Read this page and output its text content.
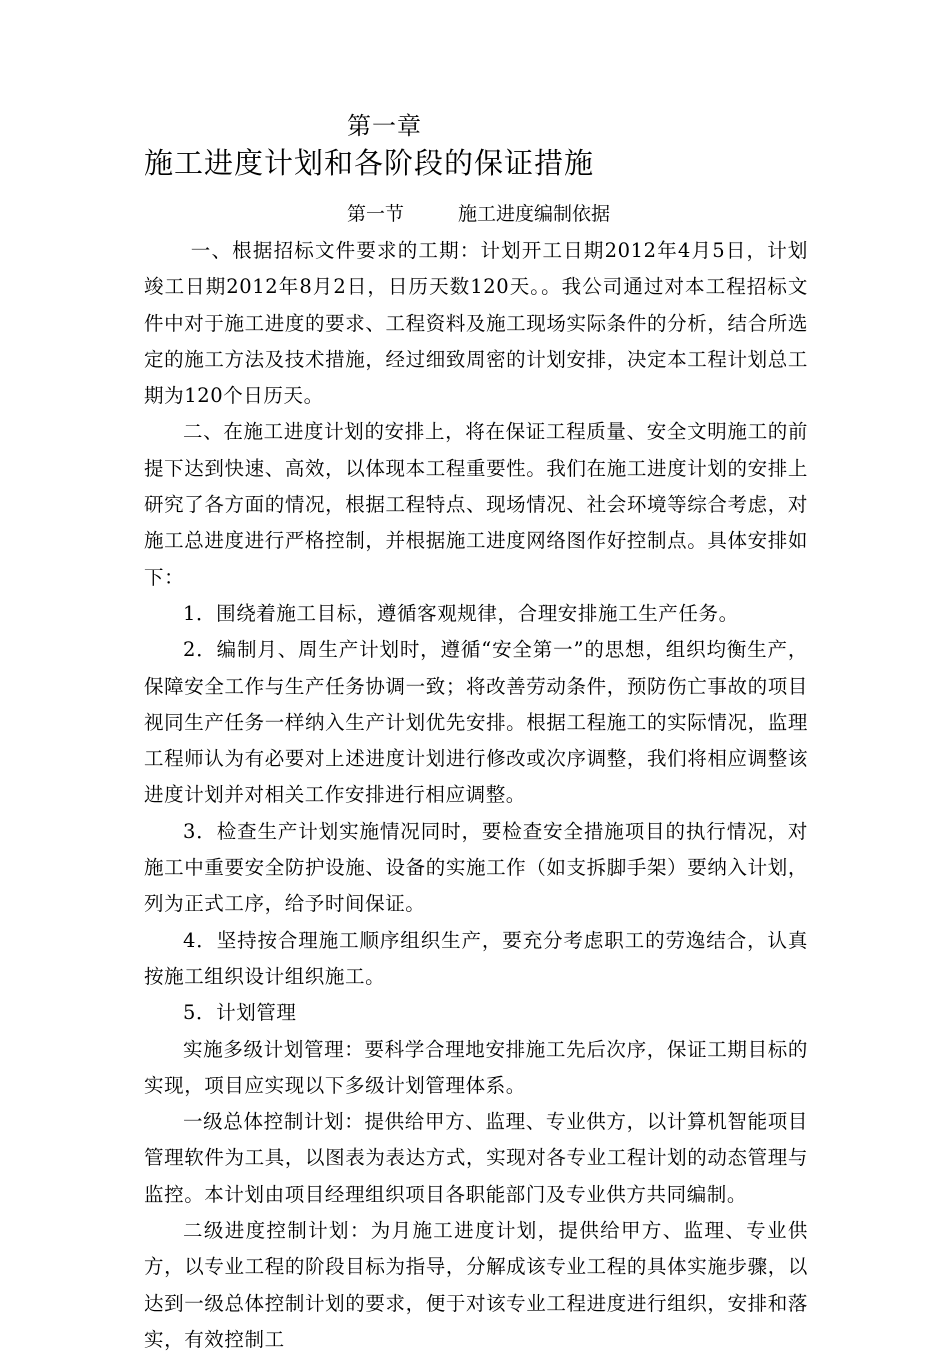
第一章
施工进度计划和各阶段的保证措施
第一节	施工进度编制依据

一、根据招标文件要求的工期：计划开工日期2012年4月5日，计划竣工日期2012年8月2日，日历天数120天。。我公司通过对本工程招标文件中对于施工进度的要求、工程资料及施工现场实际条件的分析，结合所选定的施工方法及技术措施，经过细致周密的计划安排，决定本工程计划总工期为120个日历天。

二、在施工进度计划的安排上，将在保证工程质量、安全文明施工的前提下达到快速、高效，以体现本工程重要性。我们在施工进度计划的安排上研究了各方面的情况，根据工程特点、现场情况、社会环境等综合考虑，对施工总进度进行严格控制，并根据施工进度网络图作好控制点。具体安排如下：

1．围绕着施工目标，遵循客观规律，合理安排施工生产任务。

2．编制月、周生产计划时，遵循“安全第一”的思想，组织均衡生产，保障安全工作与生产任务协调一致；将改善劳动条件，预防伤亡事故的项目视同生产任务一样纳入生产计划优先安排。根据工程施工的实际情况，监理工程师认为有必要对上述进度计划进行修改或次序调整，我们将相应调整该进度计划并对相关工作安排进行相应调整。

3．检查生产计划实施情况同时，要检查安全措施项目的执行情况，对施工中重要安全防护设施、设备的实施工作（如支拆脚手架）要纳入计划，列为正式工序，给予时间保证。

4．坚持按合理施工顺序组织生产，要充分考虑职工的劳逸结合，认真按施工组织设计组织施工。

5．计划管理

实施多级计划管理：要科学合理地安排施工先后次序，保证工期目标的实现，项目应实现以下多级计划管理体系。

一级总体控制计划：提供给甲方、监理、专业供方，以计算机智能项目管理软件为工具，以图表为表达方式，实现对各专业工程计划的动态管理与监控。本计划由项目经理组织项目各职能部门及专业供方共同编制。

二级进度控制计划：为月施工进度计划，提供给甲方、监理、专业供方，以专业工程的阶段目标为指导，分解成该专业工程的具体实施步骤，以达到一级总体控制计划的要求，便于对该专业工程进度进行组织，安排和落实，有效控制工
